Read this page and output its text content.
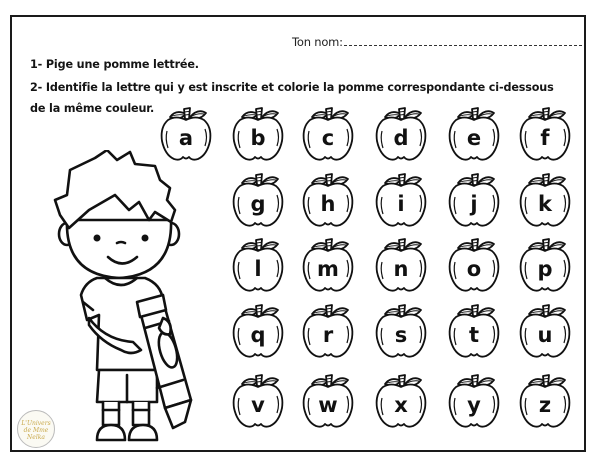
Ton nom:
1- Pige une pomme lettrée.
2- Identifie la lettre qui y est inscrite et colorie la pomme correspondante ci-dessous
de la même couleur.
a	b	c	d	e	f
g	h	i	j	k
l	m	n	o	p
q	r	s	t	u
v	w	x	y	z
L'Univers de Mme Nelka
